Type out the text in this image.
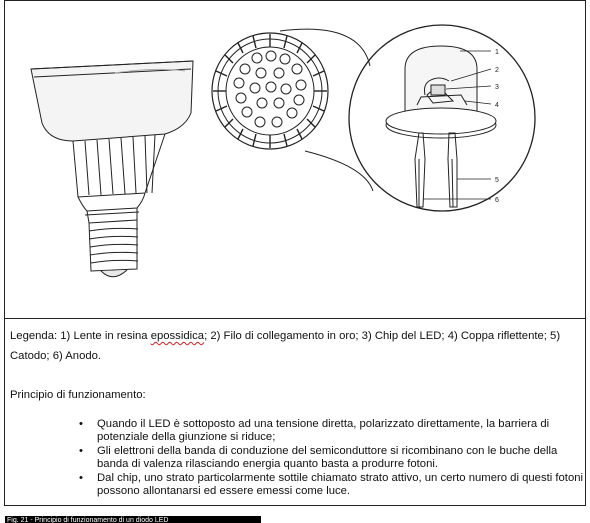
1
2
3
4
5
6

Legenda: 1) Lente in resina epossidica; 2) Filo di collegamento in oro; 3) Chip del LED; 4) Coppa riflettente; 5) Catodo; 6) Anodo.

Principio di funzionamento:

• Quando il LED è sottoposto ad una tensione diretta, polarizzato direttamente, la barriera di potenziale della giunzione si riduce;
• Gli elettroni della banda di conduzione del semiconduttore si ricombinano con le buche della banda di valenza rilasciando energia quanto basta a produrre fotoni.
• Dal chip, uno strato particolarmente sottile chiamato strato attivo, un certo numero di questi fotoni possono allontanarsi ed essere emessi come luce.
Fig. 21 - Principio di funzionamento di un diodo LED
